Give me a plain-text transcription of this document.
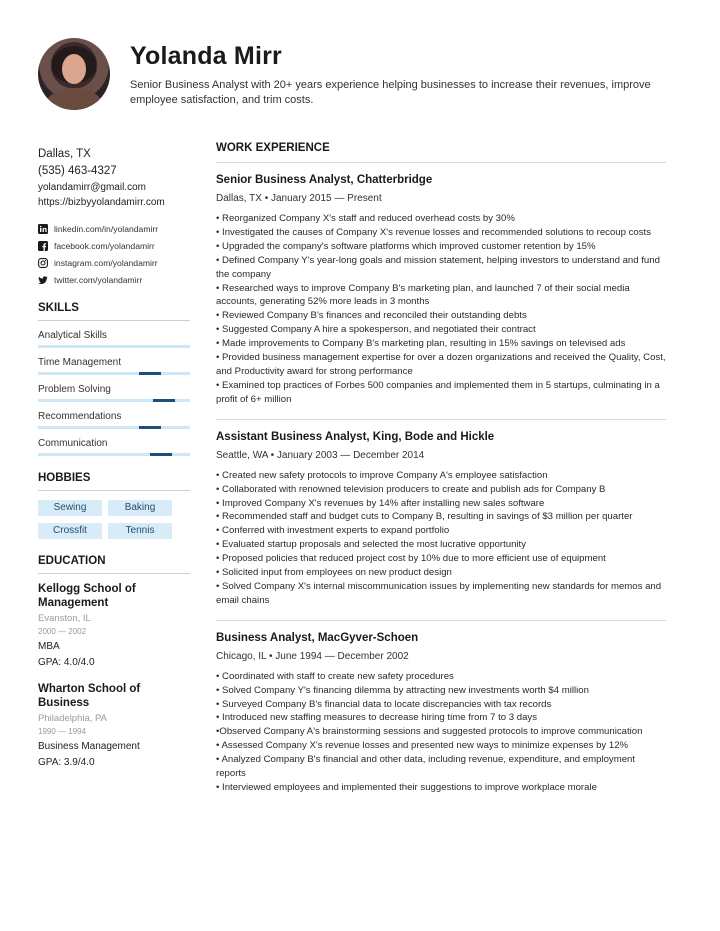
Yolanda Mirr
Senior Business Analyst with 20+ years experience helping businesses to increase their revenues, improve employee satisfaction, and trim costs.
Dallas, TX
(535) 463-4327
yolandamirr@gmail.com
https://bizbyyolandamirr.com
linkedin.com/in/yolandamirr
facebook.com/yolandamirr
instagram.com/yolandamirr
twitter.com/yolandamirr
SKILLS
Analytical Skills
Time Management
Problem Solving
Recommendations
Communication
HOBBIES
Sewing	Baking
Crossfit	Tennis
EDUCATION
Kellogg School of Management
Evanston, IL
2000 — 2002
MBA
GPA: 4.0/4.0
Wharton School of Business
Philadelphia, PA
1990 — 1994
Business Management
GPA: 3.9/4.0
WORK EXPERIENCE
Senior Business Analyst, Chatterbridge
Dallas, TX • January 2015 — Present
• Reorganized Company X's staff and reduced overhead costs by 30%
• Investigated the causes of Company X's revenue losses and recommended solutions to recoup costs
• Upgraded the company's software platforms which improved customer retention by 15%
• Defined Company Y's year-long goals and mission statement, helping investors to understand and fund the company
• Researched ways to improve Company B's marketing plan, and launched 7 of their social media accounts, generating 52% more leads in 3 months
• Reviewed Company B's finances and reconciled their outstanding debts
• Suggested Company A hire a spokesperson, and negotiated their contract
• Made improvements to Company B's marketing plan, resulting in 15% savings on televised ads
• Provided business management expertise for over a dozen organizations and received the Quality, Cost, and Productivity award for strong performance
• Examined top practices of Forbes 500 companies and implemented them in 5 startups, culminating in a profit of 6+ million
Assistant Business Analyst, King, Bode and Hickle
Seattle, WA • January 2003 — December 2014
• Created new safety protocols to improve Company A's employee satisfaction
• Collaborated with renowned television producers to create and publish ads for Company B
• Improved Company X's revenues by 14% after installing new sales software
• Recommended staff and budget cuts to Company B, resulting in savings of $3 million per quarter
• Conferred with investment experts to expand portfolio
• Evaluated startup proposals and selected the most lucrative opportunity
• Proposed policies that reduced project cost by 10% due to more efficient use of equipment
• Solicited input from employees on new product design
• Solved Company X's internal miscommunication issues by implementing new standards for memos and email chains
Business Analyst, MacGyver-Schoen
Chicago, IL • June 1994 — December 2002
• Coordinated with staff to create new safety procedures
• Solved Company Y's financing dilemma by attracting new investments worth $4 million
• Surveyed Company B's financial data to locate discrepancies with tax records
• Introduced new staffing measures to decrease hiring time from 7 to 3 days
•Observed Company A's brainstorming sessions and suggested protocols to improve communication
• Assessed Company X's revenue losses and presented new ways to minimize expenses by 12%
• Analyzed Company B's financial and other data, including revenue, expenditure, and employment reports
• Interviewed employees and implemented their suggestions to improve workplace morale
